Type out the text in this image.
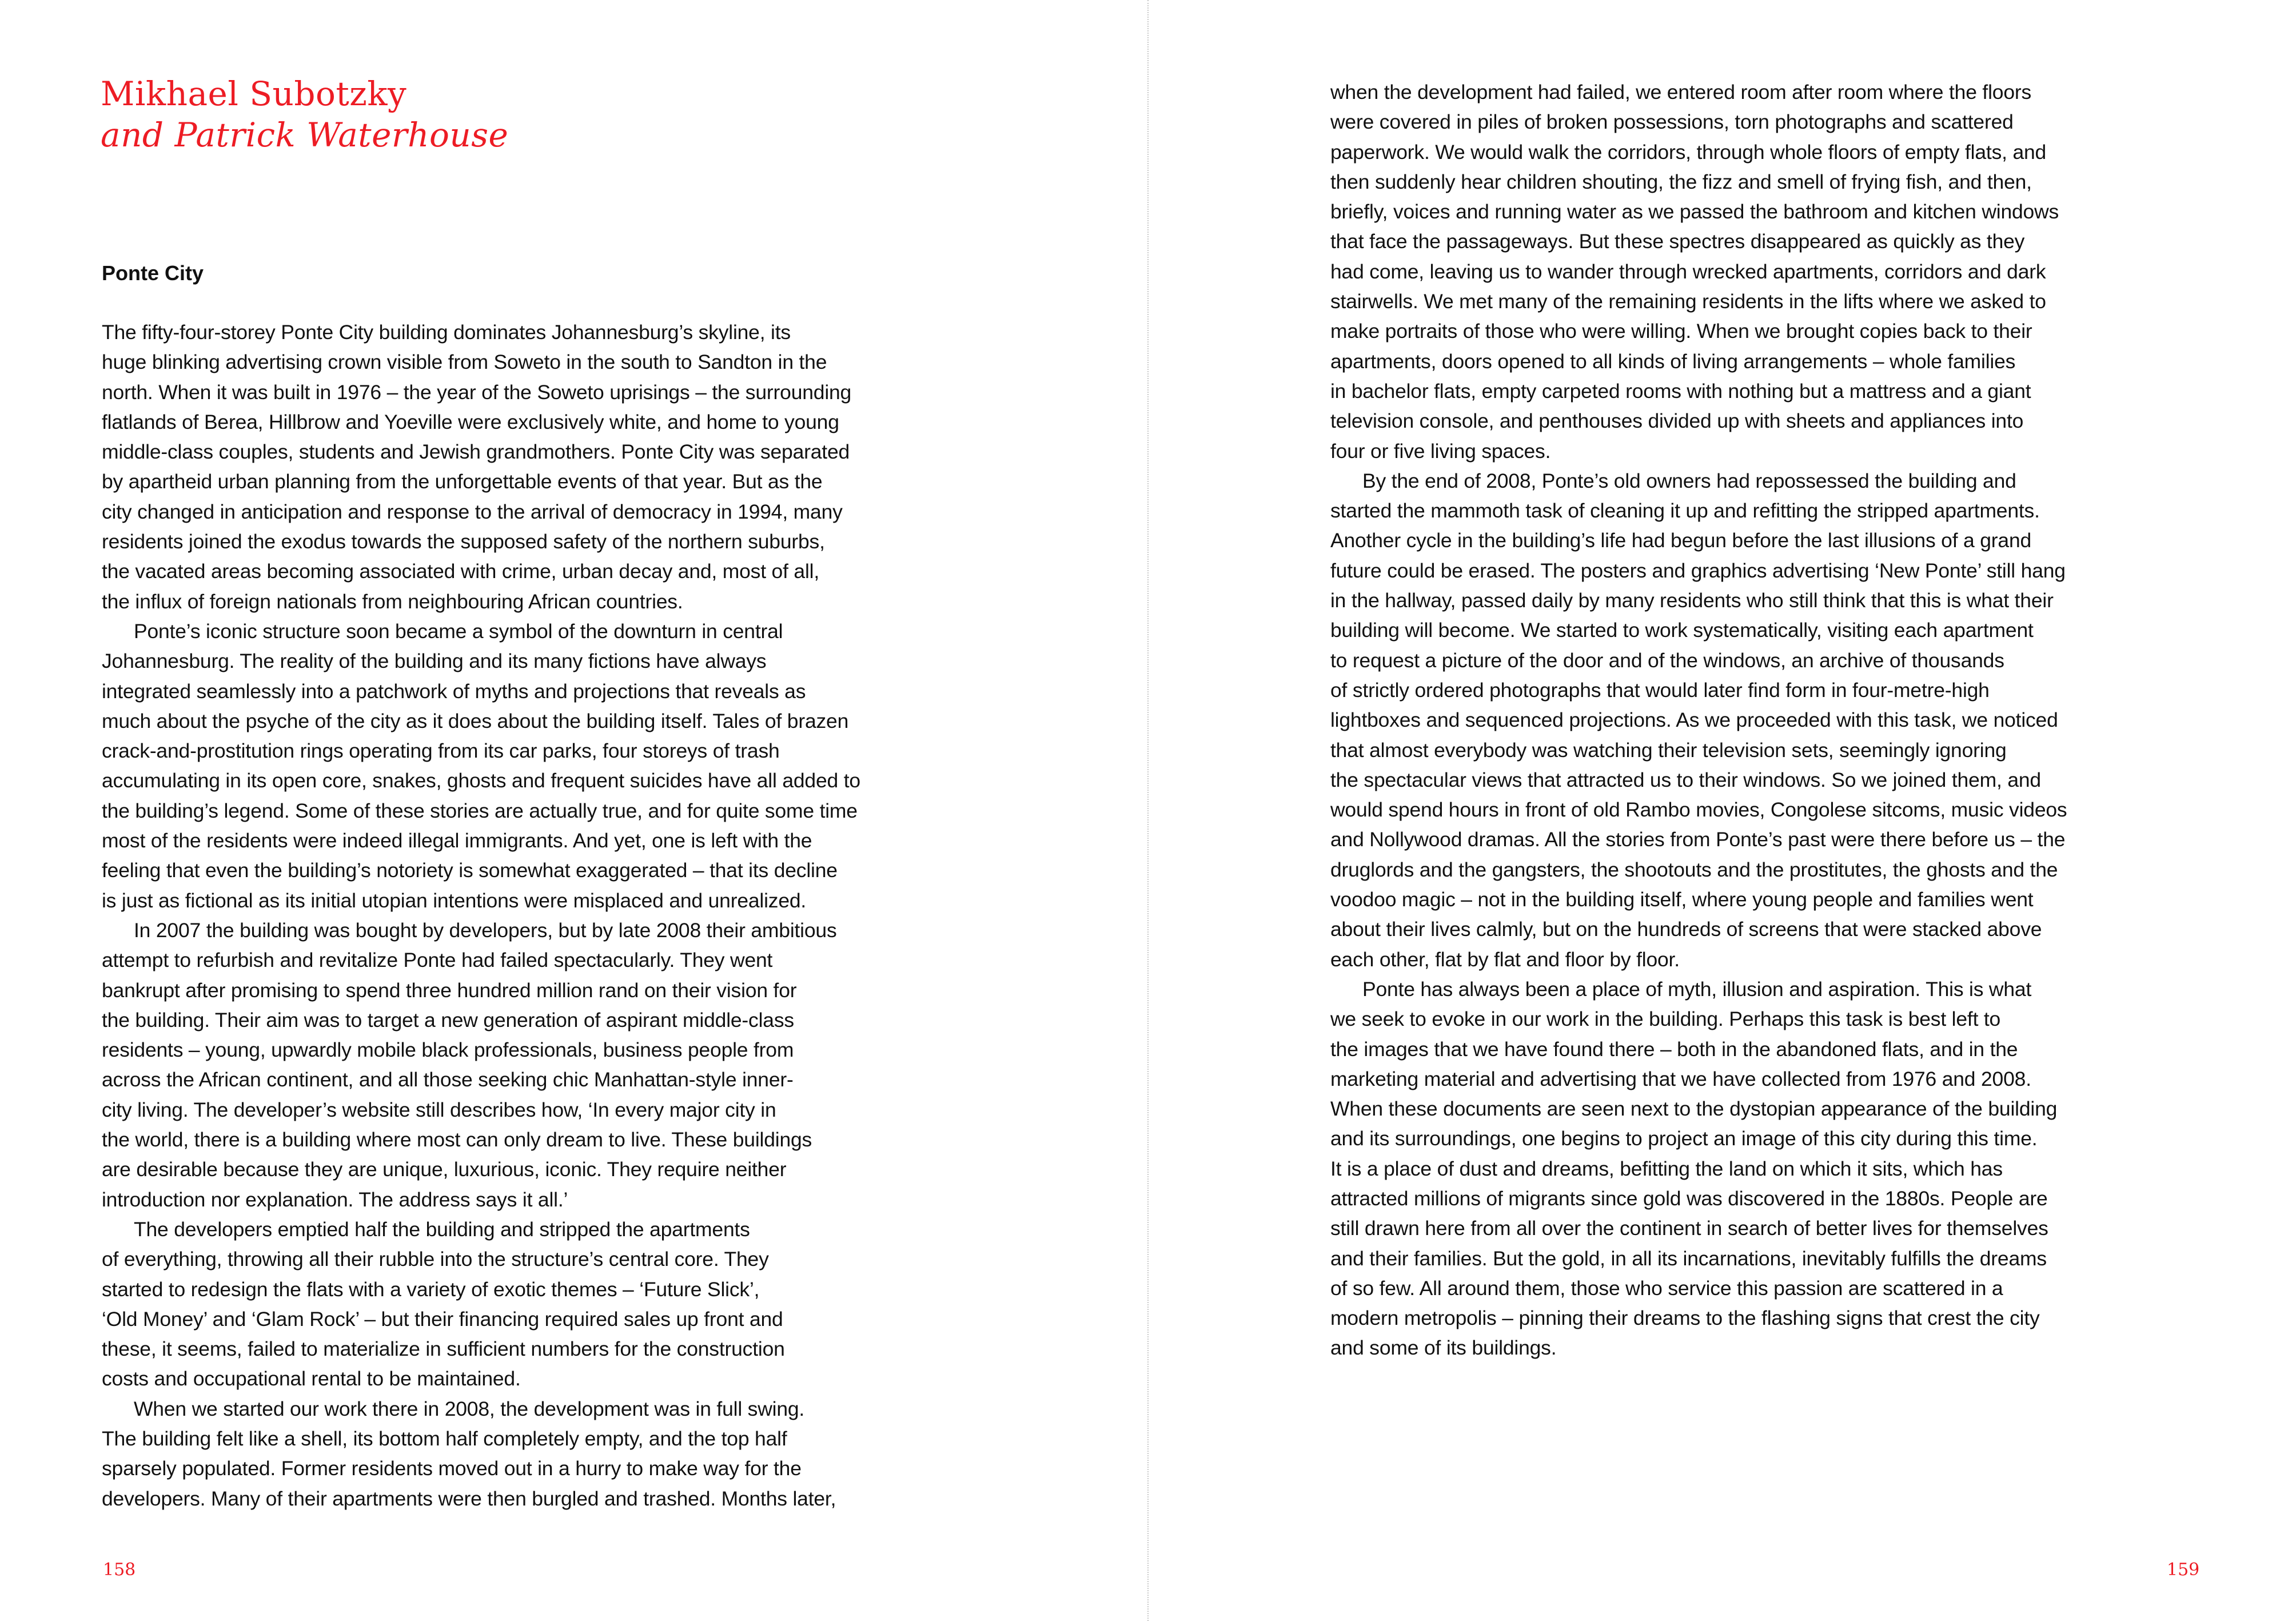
Mikhael Subotzky
and Patrick Waterhouse
Ponte City
The fifty-four-storey Ponte City building dominates Johannesburg’s skyline, its
huge blinking advertising crown visible from Soweto in the south to Sandton in the
north. When it was built in 1976 – the year of the Soweto uprisings – the surrounding
flatlands of Berea, Hillbrow and Yoeville were exclusively white, and home to young
middle-class couples, students and Jewish grandmothers. Ponte City was separated
by apartheid urban planning from the unforgettable events of that year. But as the
city changed in anticipation and response to the arrival of democracy in 1994, many
residents joined the exodus towards the supposed safety of the northern suburbs,
the vacated areas becoming associated with crime, urban decay and, most of all,
the influx of foreign nationals from neighbouring African countries.
Ponte’s iconic structure soon became a symbol of the downturn in central
Johannesburg. The reality of the building and its many fictions have always
integrated seamlessly into a patchwork of myths and projections that reveals as
much about the psyche of the city as it does about the building itself. Tales of brazen
crack-and-prostitution rings operating from its car parks, four storeys of trash
accumulating in its open core, snakes, ghosts and frequent suicides have all added to
the building’s legend. Some of these stories are actually true, and for quite some time
most of the residents were indeed illegal immigrants. And yet, one is left with the
feeling that even the building’s notoriety is somewhat exaggerated – that its decline
is just as fictional as its initial utopian intentions were misplaced and unrealized.
In 2007 the building was bought by developers, but by late 2008 their ambitious
attempt to refurbish and revitalize Ponte had failed spectacularly. They went
bankrupt after promising to spend three hundred million rand on their vision for
the building. Their aim was to target a new generation of aspirant middle-class
residents – young, upwardly mobile black professionals, business people from
across the African continent, and all those seeking chic Manhattan-style inner-
city living. The developer’s website still describes how, ‘In every major city in
the world, there is a building where most can only dream to live. These buildings
are desirable because they are unique, luxurious, iconic. They require neither
introduction nor explanation. The address says it all.’
The developers emptied half the building and stripped the apartments
of everything, throwing all their rubble into the structure’s central core. They
started to redesign the flats with a variety of exotic themes – ‘Future Slick’,
‘Old Money’ and ‘Glam Rock’ – but their financing required sales up front and
these, it seems, failed to materialize in sufficient numbers for the construction
costs and occupational rental to be maintained.
When we started our work there in 2008, the development was in full swing.
The building felt like a shell, its bottom half completely empty, and the top half
sparsely populated. Former residents moved out in a hurry to make way for the
developers. Many of their apartments were then burgled and trashed. Months later,
158
when the development had failed, we entered room after room where the floors
were covered in piles of broken possessions, torn photographs and scattered
paperwork. We would walk the corridors, through whole floors of empty flats, and
then suddenly hear children shouting, the fizz and smell of frying fish, and then,
briefly, voices and running water as we passed the bathroom and kitchen windows
that face the passageways. But these spectres disappeared as quickly as they
had come, leaving us to wander through wrecked apartments, corridors and dark
stairwells. We met many of the remaining residents in the lifts where we asked to
make portraits of those who were willing. When we brought copies back to their
apartments, doors opened to all kinds of living arrangements – whole families
in bachelor flats, empty carpeted rooms with nothing but a mattress and a giant
television console, and penthouses divided up with sheets and appliances into
four or five living spaces.
By the end of 2008, Ponte’s old owners had repossessed the building and
started the mammoth task of cleaning it up and refitting the stripped apartments.
Another cycle in the building’s life had begun before the last illusions of a grand
future could be erased. The posters and graphics advertising ‘New Ponte’ still hang
in the hallway, passed daily by many residents who still think that this is what their
building will become. We started to work systematically, visiting each apartment
to request a picture of the door and of the windows, an archive of thousands
of strictly ordered photographs that would later find form in four-metre-high
lightboxes and sequenced projections. As we proceeded with this task, we noticed
that almost everybody was watching their television sets, seemingly ignoring
the spectacular views that attracted us to their windows. So we joined them, and
would spend hours in front of old Rambo movies, Congolese sitcoms, music videos
and Nollywood dramas. All the stories from Ponte’s past were there before us – the
druglords and the gangsters, the shootouts and the prostitutes, the ghosts and the
voodoo magic – not in the building itself, where young people and families went
about their lives calmly, but on the hundreds of screens that were stacked above
each other, flat by flat and floor by floor.
Ponte has always been a place of myth, illusion and aspiration. This is what
we seek to evoke in our work in the building. Perhaps this task is best left to
the images that we have found there – both in the abandoned flats, and in the
marketing material and advertising that we have collected from 1976 and 2008.
When these documents are seen next to the dystopian appearance of the building
and its surroundings, one begins to project an image of this city during this time.
It is a place of dust and dreams, befitting the land on which it sits, which has
attracted millions of migrants since gold was discovered in the 1880s. People are
still drawn here from all over the continent in search of better lives for themselves
and their families. But the gold, in all its incarnations, inevitably fulfills the dreams
of so few. All around them, those who service this passion are scattered in a
modern metropolis – pinning their dreams to the flashing signs that crest the city
and some of its buildings.
159
